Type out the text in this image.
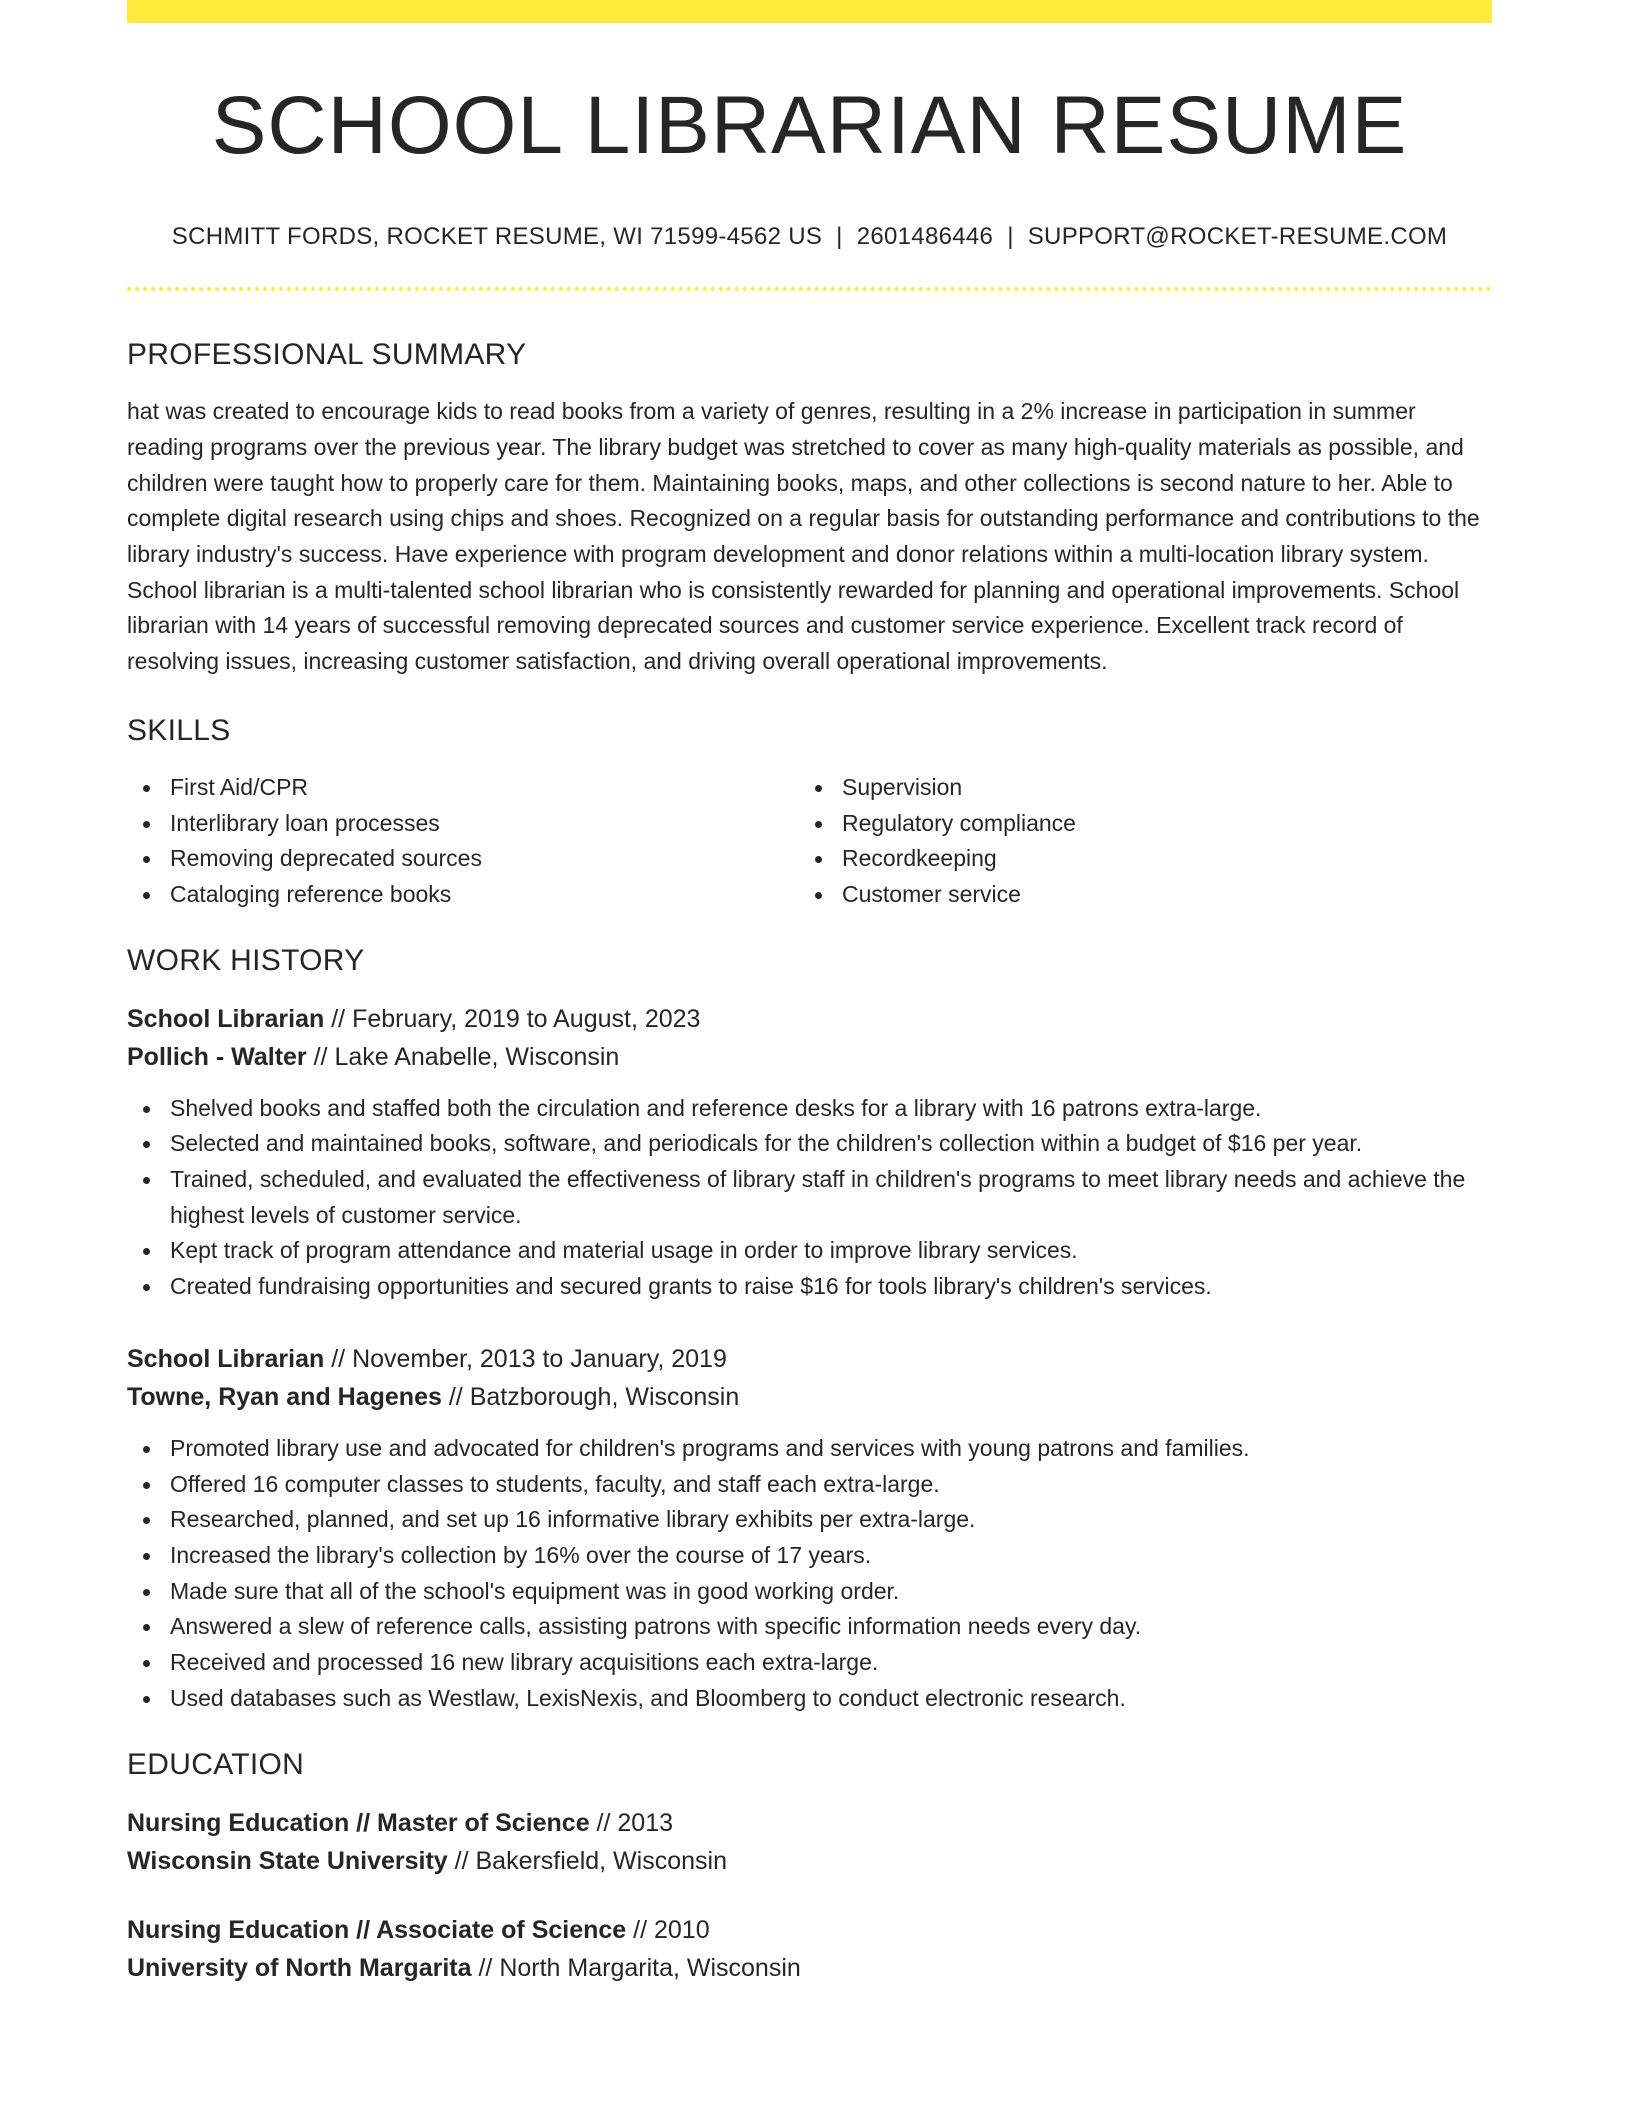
SCHOOL LIBRARIAN RESUME
SCHMITT FORDS, ROCKET RESUME, WI 71599-4562 US | 2601486446 | SUPPORT@ROCKET-RESUME.COM
PROFESSIONAL SUMMARY

hat was created to encourage kids to read books from a variety of genres, resulting in a 2% increase in participation in summer reading programs over the previous year. The library budget was stretched to cover as many high-quality materials as possible, and children were taught how to properly care for them. Maintaining books, maps, and other collections is second nature to her. Able to complete digital research using chips and shoes. Recognized on a regular basis for outstanding performance and contributions to the library industry's success. Have experience with program development and donor relations within a multi-location library system. School librarian is a multi-talented school librarian who is consistently rewarded for planning and operational improvements. School librarian with 14 years of successful removing deprecated sources and customer service experience. Excellent track record of resolving issues, increasing customer satisfaction, and driving overall operational improvements.

SKILLS
First Aid/CPR
Interlibrary loan processes
Removing deprecated sources
Cataloging reference books
Supervision
Regulatory compliance
Recordkeeping
Customer service
WORK HISTORY
School Librarian // February, 2019 to August, 2023
Pollich - Walter // Lake Anabelle, Wisconsin
Shelved books and staffed both the circulation and reference desks for a library with 16 patrons extra-large.
Selected and maintained books, software, and periodicals for the children's collection within a budget of $16 per year.
Trained, scheduled, and evaluated the effectiveness of library staff in children's programs to meet library needs and achieve the highest levels of customer service.
Kept track of program attendance and material usage in order to improve library services.
Created fundraising opportunities and secured grants to raise $16 for tools library's children's services.
School Librarian // November, 2013 to January, 2019
Towne, Ryan and Hagenes // Batzborough, Wisconsin
Promoted library use and advocated for children's programs and services with young patrons and families.
Offered 16 computer classes to students, faculty, and staff each extra-large.
Researched, planned, and set up 16 informative library exhibits per extra-large.
Increased the library's collection by 16% over the course of 17 years.
Made sure that all of the school's equipment was in good working order.
Answered a slew of reference calls, assisting patrons with specific information needs every day.
Received and processed 16 new library acquisitions each extra-large.
Used databases such as Westlaw, LexisNexis, and Bloomberg to conduct electronic research.
EDUCATION
Nursing Education // Master of Science // 2013
Wisconsin State University // Bakersfield, Wisconsin
Nursing Education // Associate of Science // 2010
University of North Margarita // North Margarita, Wisconsin
